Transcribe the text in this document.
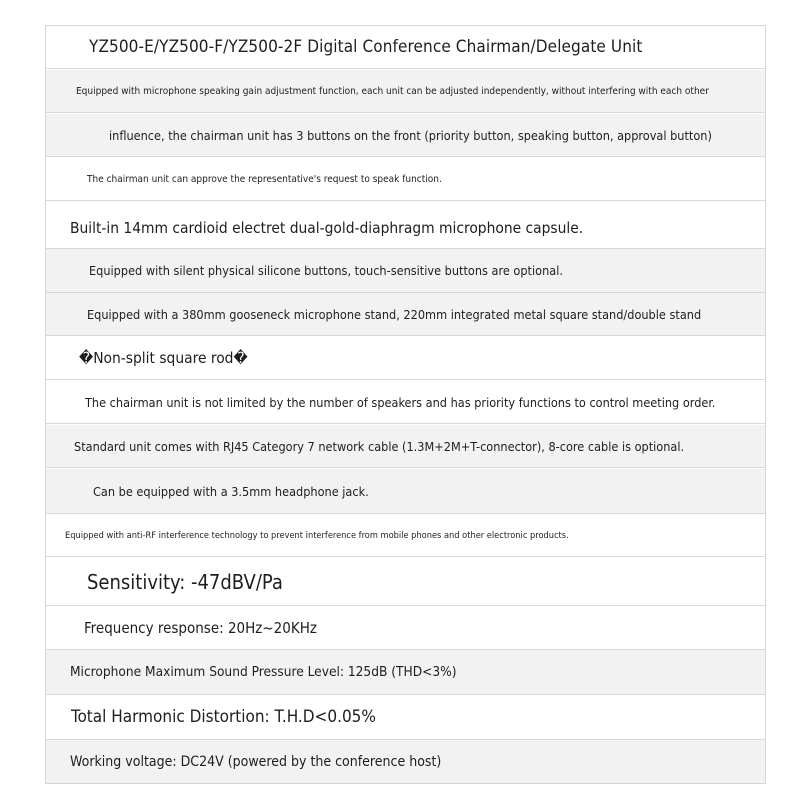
YZ500-E/YZ500-F/YZ500-2F Digital Conference Chairman/Delegate Unit
Equipped with microphone speaking gain adjustment function, each unit can be adjusted independently, without interfering with each other
influence, the chairman unit has 3 buttons on the front (priority button, speaking button, approval button)
The chairman unit can approve the representative's request to speak function.
Built-in 14mm cardioid electret dual-gold-diaphragm microphone capsule.
Equipped with silent physical silicone buttons, touch-sensitive buttons are optional.
Equipped with a 380mm gooseneck microphone stand, 220mm integrated metal square stand/double stand
�Non-split square rod�
The chairman unit is not limited by the number of speakers and has priority functions to control meeting order.
Standard unit comes with RJ45 Category 7 network cable (1.3M+2M+T-connector), 8-core cable is optional.
Can be equipped with a 3.5mm headphone jack.
Equipped with anti-RF interference technology to prevent interference from mobile phones and other electronic products.
Sensitivity: -47dBV/Pa
Frequency response: 20Hz~20KHz
Microphone Maximum Sound Pressure Level: 125dB (THD<3%)
Total Harmonic Distortion: T.H.D<0.05%
Working voltage: DC24V (powered by the conference host)
